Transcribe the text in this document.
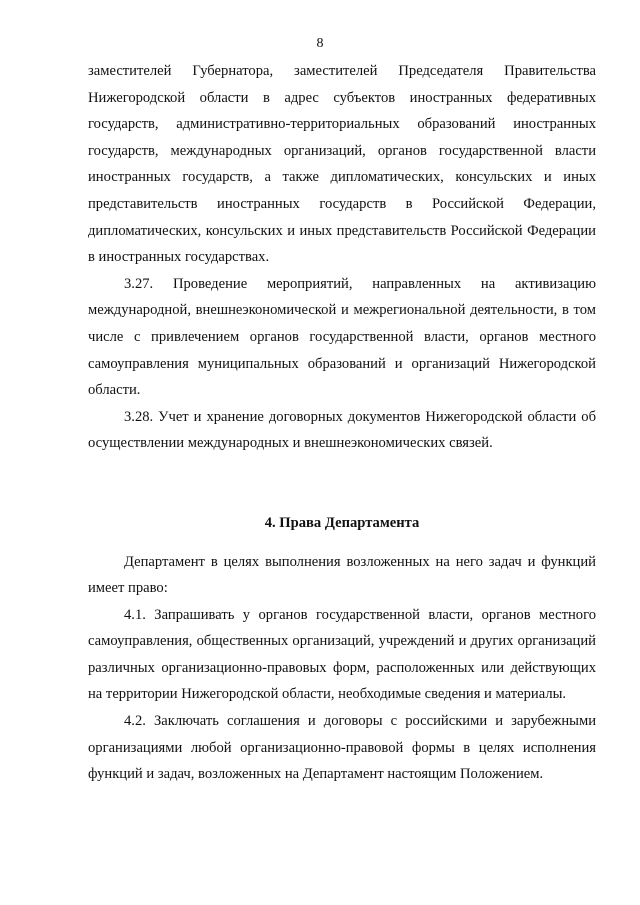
8

заместителей Губернатора, заместителей Председателя Правительства Нижегородской области в адрес субъектов иностранных федеративных государств, административно-территориальных образований иностранных государств, международных организаций, органов государственной власти иностранных государств, а также дипломатических, консульских и иных представительств иностранных государств в Российской Федерации, дипломатических, консульских и иных представительств Российской Федерации в иностранных государствах.

3.27. Проведение мероприятий, направленных на активизацию международной, внешнеэкономической и межрегиональной деятельности, в том числе с привлечением органов государственной власти, органов местного самоуправления муниципальных образований и организаций Нижегородской области.

3.28. Учет и хранение договорных документов Нижегородской области об осуществлении международных и внешнеэкономических связей.

4. Права Департамента

Департамент в целях выполнения возложенных на него задач и функций имеет право:

4.1. Запрашивать у органов государственной власти, органов местного самоуправления, общественных организаций, учреждений и других организаций различных организационно-правовых форм, расположенных или действующих на территории Нижегородской области, необходимые сведения и материалы.

4.2. Заключать соглашения и договоры с российскими и зарубежными организациями любой организационно-правовой формы в целях исполнения функций и задач, возложенных на Департамент настоящим Положением.
